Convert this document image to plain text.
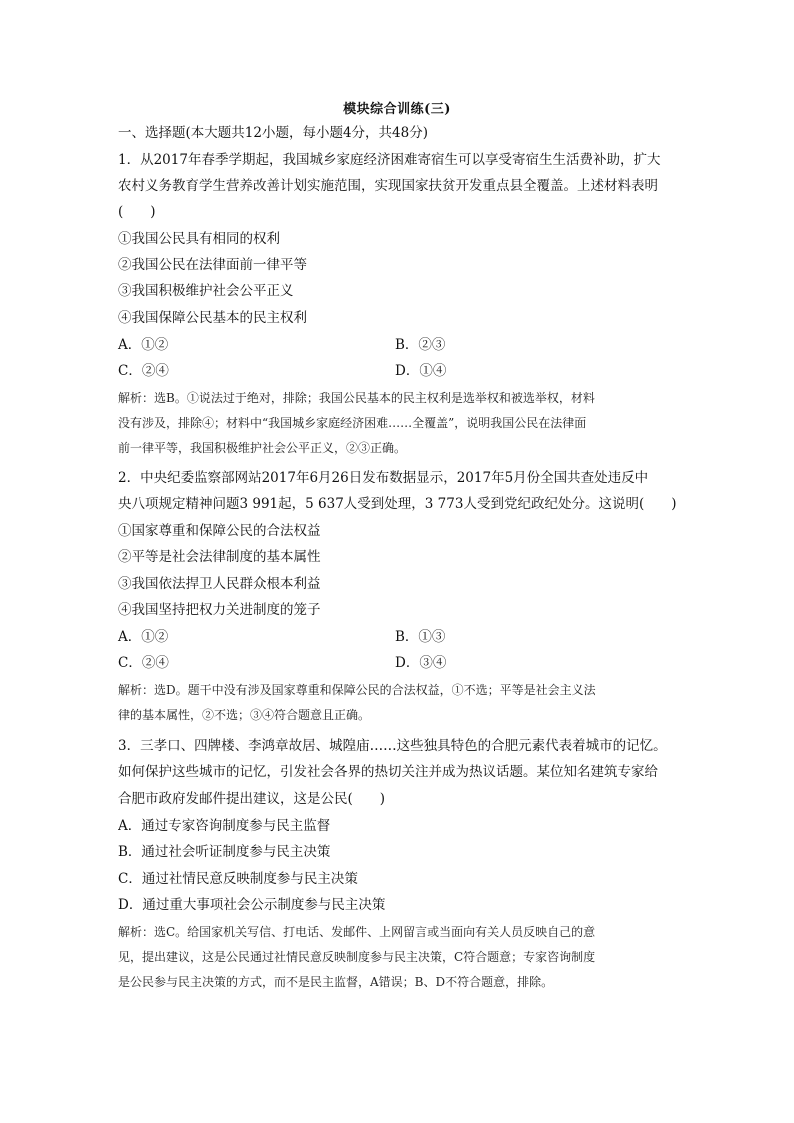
模块综合训练(三)
一、选择题(本大题共12小题，每小题4分，共48分)
1．从2017年春季学期起，我国城乡家庭经济困难寄宿生可以享受寄宿生生活费补助，扩大
农村义务教育学生营养改善计划实施范围，实现国家扶贫开发重点县全覆盖。上述材料表明
(　　)
①我国公民具有相同的权利
②我国公民在法律面前一律平等
③我国积极维护社会公平正义
④我国保障公民基本的民主权利
A．①②	B．②③
C．②④	D．①④
解析：选B。①说法过于绝对，排除；我国公民基本的民主权利是选举权和被选举权，材料
没有涉及，排除④；材料中“我国城乡家庭经济困难……全覆盖”，说明我国公民在法律面
前一律平等，我国积极维护社会公平正义，②③正确。
2．中央纪委监察部网站2017年6月26日发布数据显示，2017年5月份全国共查处违反中
央八项规定精神问题3 991起，5 637人受到处理，3 773人受到党纪政纪处分。这说明(　　)
①国家尊重和保障公民的合法权益
②平等是社会法律制度的基本属性
③我国依法捍卫人民群众根本利益
④我国坚持把权力关进制度的笼子
A．①②	B．①③
C．②④	D．③④
解析：选D。题干中没有涉及国家尊重和保障公民的合法权益，①不选；平等是社会主义法
律的基本属性，②不选；③④符合题意且正确。
3．三孝口、四牌楼、李鸿章故居、城隍庙……这些独具特色的合肥元素代表着城市的记忆。
如何保护这些城市的记忆，引发社会各界的热切关注并成为热议话题。某位知名建筑专家给
合肥市政府发邮件提出建议，这是公民(　　)
A．通过专家咨询制度参与民主监督
B．通过社会听证制度参与民主决策
C．通过社情民意反映制度参与民主决策
D．通过重大事项社会公示制度参与民主决策
解析：选C。给国家机关写信、打电话、发邮件、上网留言或当面向有关人员反映自己的意
见，提出建议，这是公民通过社情民意反映制度参与民主决策，C符合题意；专家咨询制度
是公民参与民主决策的方式，而不是民主监督，A错误；B、D不符合题意，排除。
